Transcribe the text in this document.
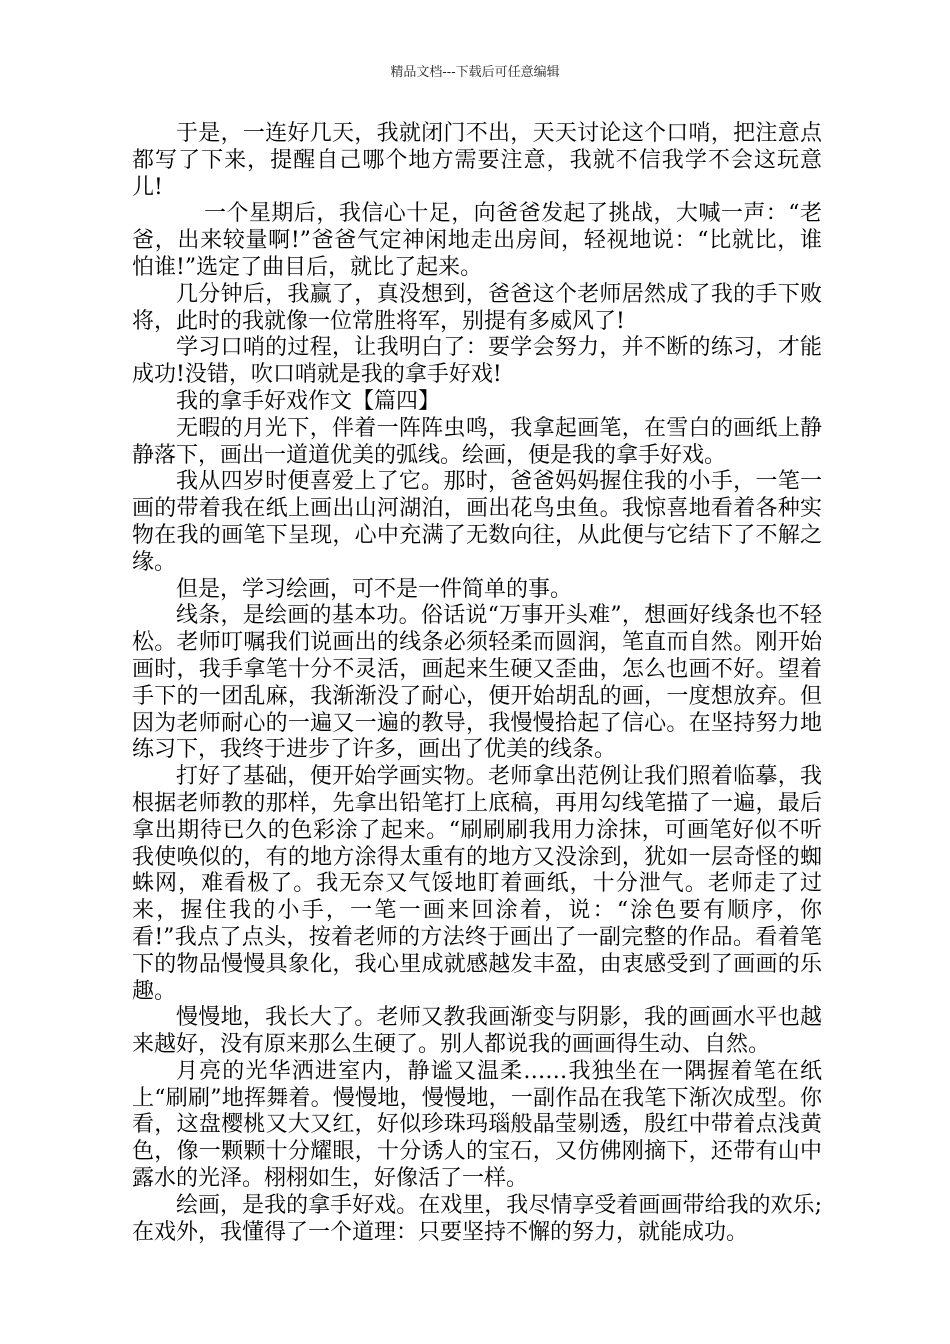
精品文档---下载后可任意编辑

于是，一连好几天，我就闭门不出，天天讨论这个口哨，把注意点都写了下来，提醒自己哪个地方需要注意，我就不信我学不会这玩意儿!

一个星期后，我信心十足，向爸爸发起了挑战，大喊一声：“老爸，出来较量啊!”爸爸气定神闲地走出房间，轻视地说：“比就比，谁怕谁!”选定了曲目后，就比了起来。

几分钟后，我赢了，真没想到，爸爸这个老师居然成了我的手下败将，此时的我就像一位常胜将军，别提有多威风了!

学习口哨的过程，让我明白了：要学会努力，并不断的练习，才能成功!没错，吹口哨就是我的拿手好戏!

我的拿手好戏作文【篇四】

无暇的月光下，伴着一阵阵虫鸣，我拿起画笔，在雪白的画纸上静静落下，画出一道道优美的弧线。绘画，便是我的拿手好戏。

我从四岁时便喜爱上了它。那时，爸爸妈妈握住我的小手，一笔一画的带着我在纸上画出山河湖泊，画出花鸟虫鱼。我惊喜地看着各种实物在我的画笔下呈现，心中充满了无数向往，从此便与它结下了不解之缘。

但是，学习绘画，可不是一件简单的事。

线条，是绘画的基本功。俗话说“万事开头难”，想画好线条也不轻松。老师叮嘱我们说画出的线条必须轻柔而圆润，笔直而自然。刚开始画时，我手拿笔十分不灵活，画起来生硬又歪曲，怎么也画不好。望着手下的一团乱麻，我渐渐没了耐心，便开始胡乱的画，一度想放弃。但因为老师耐心的一遍又一遍的教导，我慢慢拾起了信心。在坚持努力地练习下，我终于进步了许多，画出了优美的线条。

打好了基础，便开始学画实物。老师拿出范例让我们照着临摹，我根据老师教的那样，先拿出铅笔打上底稿，再用勾线笔描了一遍，最后拿出期待已久的色彩涂了起来。“刷刷刷我用力涂抹，可画笔好似不听我使唤似的，有的地方涂得太重有的地方又没涂到，犹如一层奇怪的蜘蛛网，难看极了。我无奈又气馁地盯着画纸，十分泄气。老师走了过来，握住我的小手，一笔一画来回涂着，说：“涂色要有顺序，你看!”我点了点头，按着老师的方法终于画出了一副完整的作品。看着笔下的物品慢慢具象化，我心里成就感越发丰盈，由衷感受到了画画的乐趣。

慢慢地，我长大了。老师又教我画渐变与阴影，我的画画水平也越来越好，没有原来那么生硬了。别人都说我的画画得生动、自然。

月亮的光华洒进室内，静谧又温柔……我独坐在一隅握着笔在纸上“刷刷”地挥舞着。慢慢地，慢慢地，一副作品在我笔下渐次成型。你看，这盘樱桃又大又红，好似珍珠玛瑙般晶莹剔透，殷红中带着点浅黄色，像一颗颗十分耀眼，十分诱人的宝石，又仿佛刚摘下，还带有山中露水的光泽。栩栩如生，好像活了一样。

绘画，是我的拿手好戏。在戏里，我尽情享受着画画带给我的欢乐;在戏外，我懂得了一个道理：只要坚持不懈的努力，就能成功。
